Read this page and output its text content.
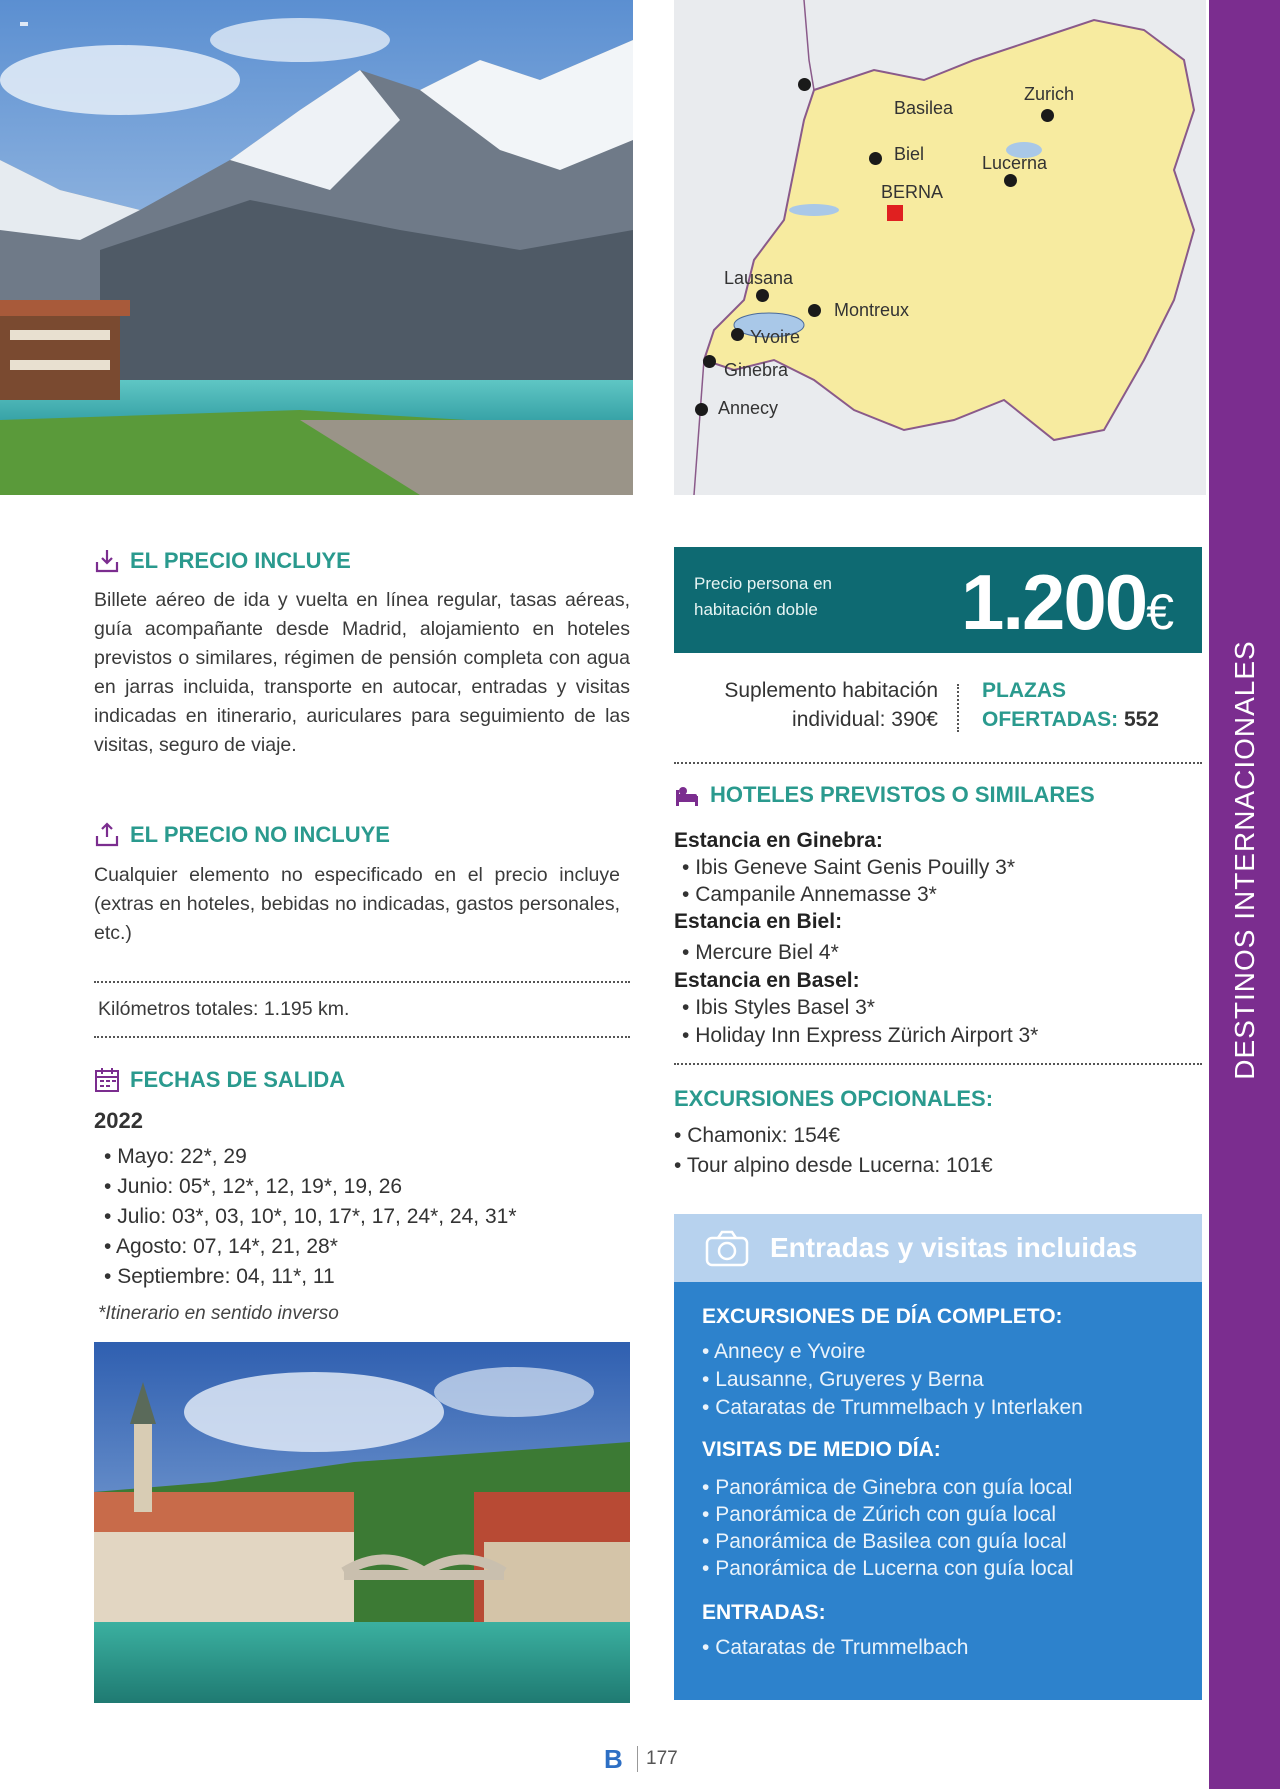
Basilea
Zurich
Biel	Lucerna
BERNA
Lausana
Montreux
Yvoire
Ginebra
Annecy
DESTINOS INTERNACIONALES
EL PRECIO INCLUYE
Billete aéreo de ida y vuelta en línea regular, tasas aéreas, guía acompañante desde Madrid, alojamiento en hoteles previstos o similares, régimen de pensión completa con agua en jarras incluida, transporte en autocar, entradas y visitas indicadas en itinerario, auriculares para seguimiento de las visitas, seguro de viaje.
EL PRECIO NO INCLUYE
Cualquier elemento no especificado en el precio incluye (extras en hoteles, bebidas no indicadas, gastos personales, etc.)
Kilómetros totales: 1.195 km.
FECHAS DE SALIDA
2022
• Mayo: 22*, 29
• Junio: 05*, 12*, 12, 19*, 19, 26
• Julio: 03*, 03, 10*, 10, 17*, 17, 24*, 24, 31*
• Agosto: 07, 14*, 21, 28*
• Septiembre: 04, 11*, 11
*Itinerario en sentido inverso
Precio persona en habitación doble	1.200€
Suplemento habitación
individual: 390€
PLAZAS
OFERTADAS: 552
HOTELES PREVISTOS O SIMILARES
Estancia en Ginebra:
• Ibis Geneve Saint Genis Pouilly 3*
• Campanile Annemasse 3*
Estancia en Biel:
• Mercure Biel 4*
Estancia en Basel:
• Ibis Styles Basel 3*
• Holiday Inn Express Zürich Airport 3*
EXCURSIONES OPCIONALES:
• Chamonix: 154€
• Tour alpino desde Lucerna: 101€
Entradas y visitas incluidas
EXCURSIONES DE DÍA COMPLETO:
• Annecy e Yvoire
• Lausanne, Gruyeres y Berna
• Cataratas de Trummelbach y Interlaken
VISITAS DE MEDIO DÍA:
• Panorámica de Ginebra con guía local
• Panorámica de Zúrich con guía local
• Panorámica de Basilea con guía local
• Panorámica de Lucerna con guía local
ENTRADAS:
• Cataratas de Trummelbach
B 177
